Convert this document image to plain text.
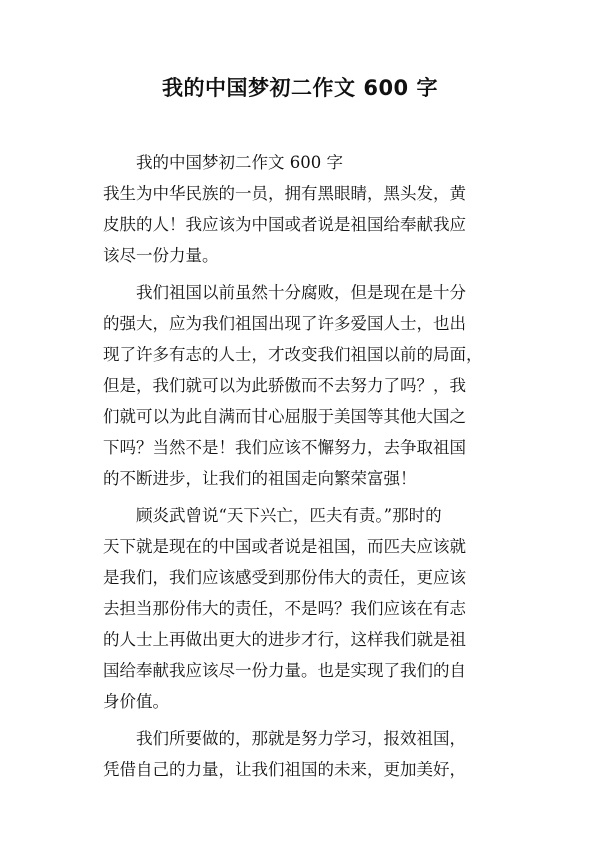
我的中国梦初二作文 600 字
我的中国梦初二作文 600 字
我生为中华民族的一员，拥有黑眼睛，黑头发，黄
皮肤的人！我应该为中国或者说是祖国给奉献我应
该尽一份力量。
我们祖国以前虽然十分腐败，但是现在是十分
的强大，应为我们祖国出现了许多爱国人士，也出
现了许多有志的人士，才改变我们祖国以前的局面，
但是，我们就可以为此骄傲而不去努力了吗？，我
们就可以为此自满而甘心屈服于美国等其他大国之
下吗？当然不是！我们应该不懈努力，去争取祖国
的不断进步，让我们的祖国走向繁荣富强！
顾炎武曾说“天下兴亡，匹夫有责。”那时的
天下就是现在的中国或者说是祖国，而匹夫应该就
是我们，我们应该感受到那份伟大的责任，更应该
去担当那份伟大的责任，不是吗？我们应该在有志
的人士上再做出更大的进步才行，这样我们就是祖
国给奉献我应该尽一份力量。也是实现了我们的自
身价值。
我们所要做的，那就是努力学习，报效祖国，
凭借自己的力量，让我们祖国的未来，更加美好，
